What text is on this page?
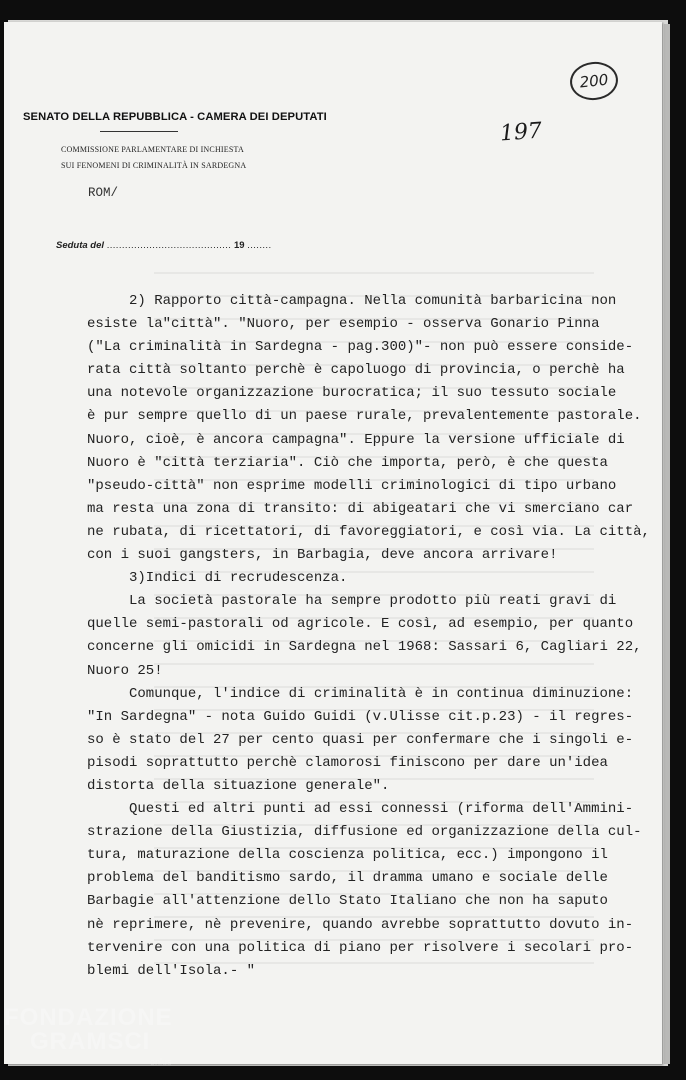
200
197
SENATO DELLA REPUBBLICA - CAMERA DEI DEPUTATI
COMMISSIONE PARLAMENTARE DI INCHIESTA
SUI FENOMENI DI CRIMINALITÀ IN SARDEGNA
ROM/
Seduta del ......................................... 19 ........
2) Rapporto città-campagna. Nella comunità barbaricina non
esiste la"città". "Nuoro, per esempio - osserva Gonario Pinna
("La criminalità in Sardegna - pag.300)"- non può essere conside-
rata città soltanto perchè è capoluogo di provincia, o perchè ha
una notevole organizzazione burocratica; il suo tessuto sociale
è pur sempre quello di un paese rurale, prevalentemente pastorale.
Nuoro, cioè, è ancora campagna". Eppure la versione ufficiale di
Nuoro è "città terziaria". Ciò che importa, però, è che questa
"pseudo-città" non esprime modelli criminologici di tipo urbano
ma resta una zona di transito: di abigeatari che vi smerciano car
ne rubata, di ricettatori, di favoreggiatori, e così via. La città,
con i suoi gangsters, in Barbagia, deve ancora arrivare!
3)Indici di recrudescenza.
La società pastorale ha sempre prodotto più reati gravi di
quelle semi-pastorali od agricole. E così, ad esempio, per quanto
concerne gli omicidi in Sardegna nel 1968: Sassari 6, Cagliari 22,
Nuoro 25!
Comunque, l'indice di criminalità è in continua diminuzione:
"In Sardegna" - nota Guido Guidi (v.Ulisse cit.p.23) - il regres-
so è stato del 27 per cento quasi per confermare che i singoli e-
pisodi soprattutto perchè clamorosi finiscono per dare un'idea
distorta della situazione generale".
Questi ed altri punti ad essi connessi (riforma dell'Ammini-
strazione della Giustizia, diffusione ed organizzazione della cul-
tura, maturazione della coscienza politica, ecc.) impongono il
problema del banditismo sardo, il dramma umano e sociale delle
Barbagie all'attenzione dello Stato Italiano che non ha saputo
nè reprimere, nè prevenire, quando avrebbe soprattutto dovuto in-
tervenire con una politica di piano per risolvere i secolari pro-
blemi dell'Isola.- "
FONDAZIONE
GRAMSCI
onlus
